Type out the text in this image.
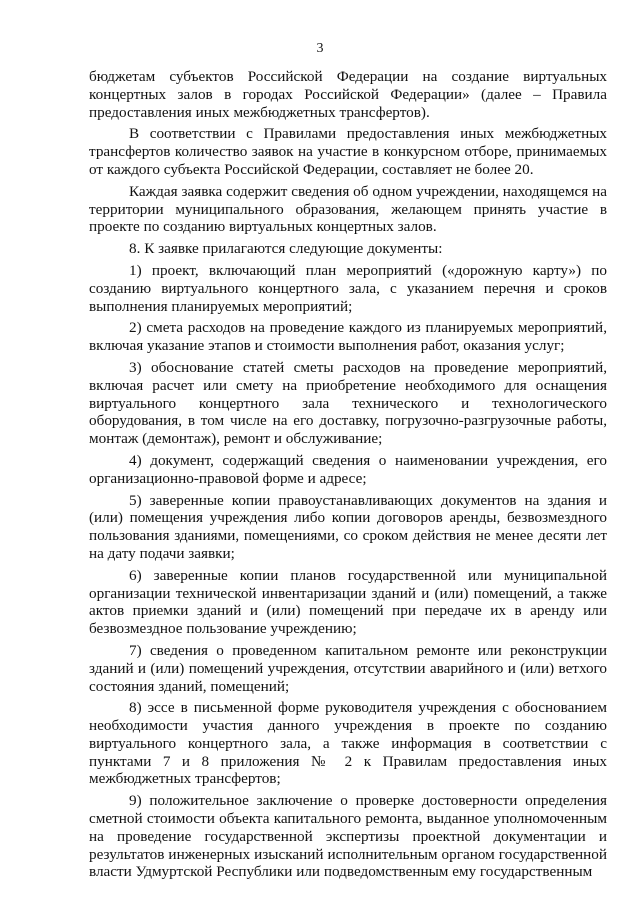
3

бюджетам субъектов Российской Федерации на создание виртуальных концертных залов в городах Российской Федерации» (далее – Правила предоставления иных межбюджетных трансфертов).

В соответствии с Правилами предоставления иных межбюджетных трансфертов количество заявок на участие в конкурсном отборе, принимаемых от каждого субъекта Российской Федерации, составляет не более 20.

Каждая заявка содержит сведения об одном учреждении, находящемся на территории муниципального образования, желающем принять участие в проекте по созданию виртуальных концертных залов.

8. К заявке прилагаются следующие документы:

1) проект, включающий план мероприятий («дорожную карту») по созданию виртуального концертного зала, с указанием перечня и сроков выполнения планируемых мероприятий;

2) смета расходов на проведение каждого из планируемых мероприятий, включая указание этапов и стоимости выполнения работ, оказания услуг;

3) обоснование статей сметы расходов на проведение мероприятий, включая расчет или смету на приобретение необходимого для оснащения виртуального концертного зала технического и технологического оборудования, в том числе на его доставку, погрузочно-разгрузочные работы, монтаж (демонтаж), ремонт и обслуживание;

4) документ, содержащий сведения о наименовании учреждения, его организационно-правовой форме и адресе;

5) заверенные копии правоустанавливающих документов на здания и (или) помещения учреждения либо копии договоров аренды, безвозмездного пользования зданиями, помещениями, со сроком действия не менее десяти лет на дату подачи заявки;

6) заверенные копии планов государственной или муниципальной организации технической инвентаризации зданий и (или) помещений, а также актов приемки зданий и (или) помещений при передаче их в аренду или безвозмездное пользование учреждению;

7) сведения о проведенном капитальном ремонте или реконструкции зданий и (или) помещений учреждения, отсутствии аварийного и (или) ветхого состояния зданий, помещений;

8) эссе в письменной форме руководителя учреждения с обоснованием необходимости участия данного учреждения в проекте по созданию виртуального концертного зала, а также информация в соответствии с пунктами 7 и 8 приложения № 2 к Правилам предоставления иных межбюджетных трансфертов;

9) положительное заключение о проверке достоверности определения сметной стоимости объекта капитального ремонта, выданное уполномоченным на проведение государственной экспертизы проектной документации и результатов инженерных изысканий исполнительным органом государственной власти Удмуртской Республики или подведомственным ему государственным
